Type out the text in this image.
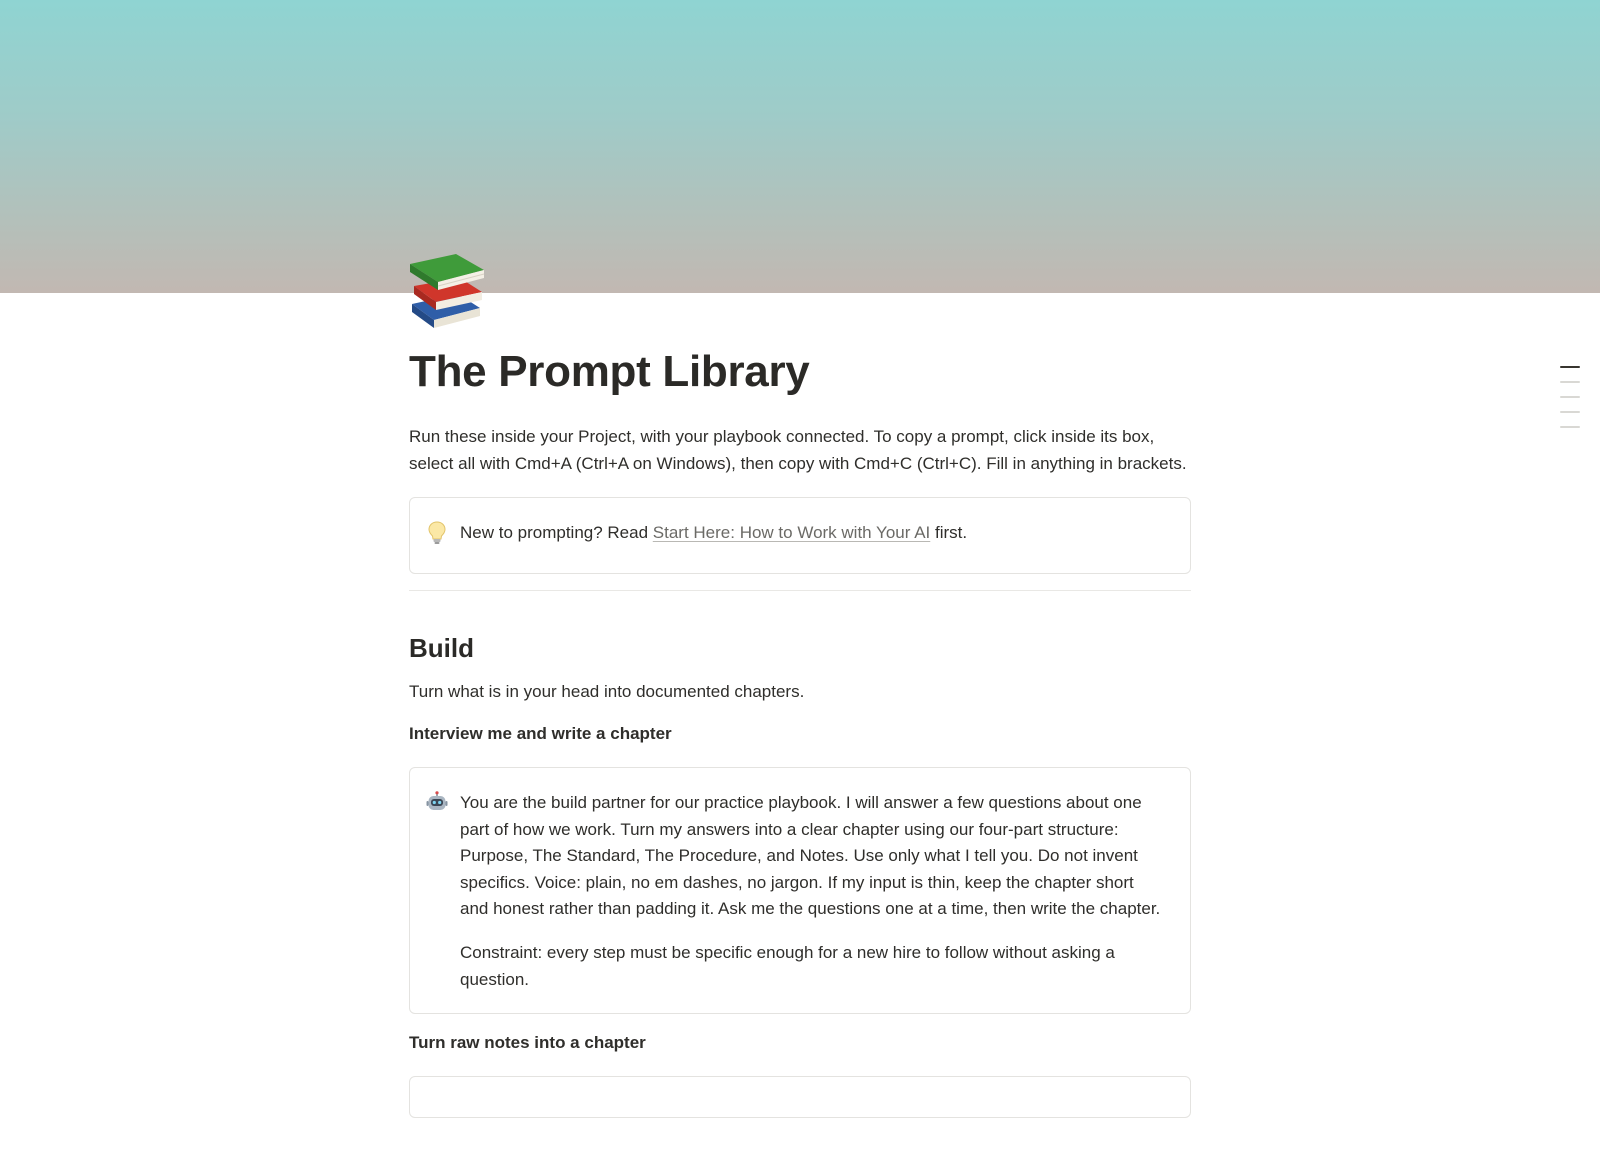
The Prompt Library

Run these inside your Project, with your playbook connected. To copy a prompt, click inside its box, select all with Cmd+A (Ctrl+A on Windows), then copy with Cmd+C (Ctrl+C). Fill in anything in brackets.

New to prompting? Read Start Here: How to Work with Your AI first.
Build

Turn what is in your head into documented chapters.

Interview me and write a chapter

You are the build partner for our practice playbook. I will answer a few questions about one part of how we work. Turn my answers into a clear chapter using our four-part structure: Purpose, The Standard, The Procedure, and Notes. Use only what I tell you. Do not invent specifics. Voice: plain, no em dashes, no jargon. If my input is thin, keep the chapter short and honest rather than padding it. Ask me the questions one at a time, then write the chapter.

Constraint: every step must be specific enough for a new hire to follow without asking a question.

Turn raw notes into a chapter
